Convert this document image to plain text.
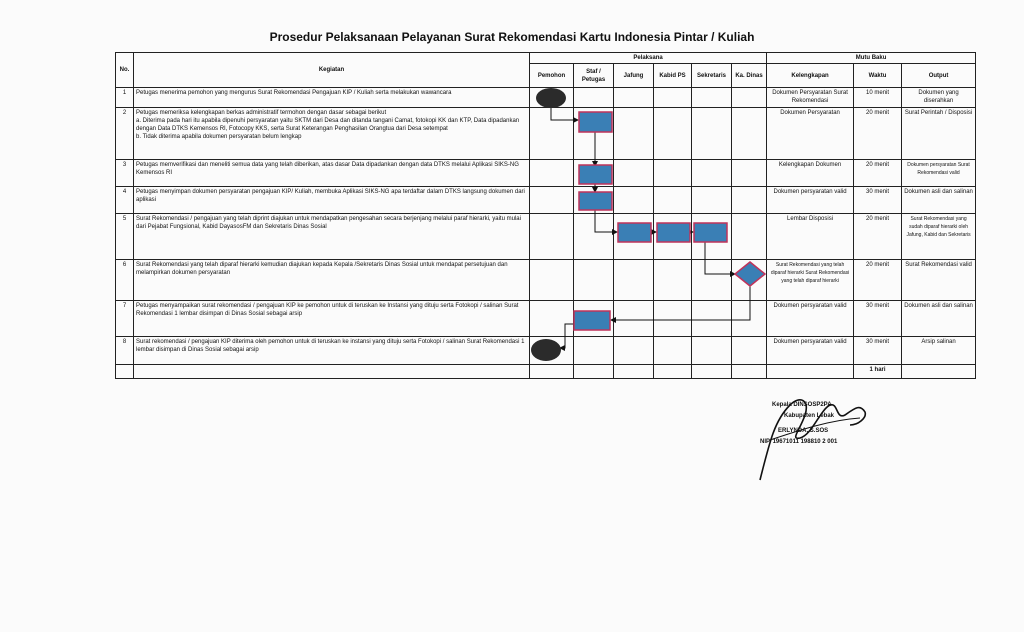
Prosedur Pelaksanaan Pelayanan Surat Rekomendasi Kartu Indonesia Pintar / Kuliah
No.	Kegiatan	Pelaksana						Mutu Baku		
		Pemohon	Staf / Petugas	Jafung	Kabid PS	Sekretaris	Ka. Dinas	Kelengkapan	Waktu	Output
1	Petugas menerima pemohon yang mengurus Surat Rekomendasi Pengajuan KIP / Kuliah serta melakukan wawancara							Dokumen Persyaratan Surat Rekomendasi	10 menit	Dokumen yang diserahkan
2	Petugas memeriksa kelengkapan berkas administratif termohon dengan dasar sebagai berikut
a. Diterima pada hari itu apabila dipenuhi persyaratan yaitu SKTM dari Desa dan ditanda tangani Camat, fotokopi KK dan KTP, Data dipadankan dengan Data DTKS Kemensos RI, Fotocopy KKS, serta Surat Keterangan Penghasilan Orangtua dari Desa setempat
b. Tidak diterima apabila dokumen persyaratan belum lengkap							Dokumen Persyaratan	20 menit	Surat Perintah / Disposisi
3	Petugas memverifikasi dan meneliti semua data yang telah diberikan, atas dasar Data dipadankan dengan data DTKS melalui Aplikasi SIKS-NG Kemensos RI							Kelengkapan Dokumen	20 menit	Dokumen persyaratan Surat Rekomendasi valid
4	Petugas menyimpan dokumen persyaratan pengajuan KIP/ Kuliah, membuka Aplikasi SIKS-NG apa terdaftar dalam DTKS langsung dokumen dari aplikasi							Dokumen persyaratan valid	30 menit	Dokumen asli dan salinan
5	Surat Rekomendasi / pengajuan yang telah diprint diajukan untuk mendapatkan pengesahan secara berjenjang melalui paraf hierarki, yaitu mulai dari Pejabat Fungsional, Kabid DayasosFM dan Sekretaris Dinas Sosial							Lembar Disposisi	20 menit	Surat Rekomendasi yang sudah diparaf hierarki oleh Jafung, Kabid dan Sekretaris
6	Surat Rekomendasi yang telah diparaf hierarki kemudian diajukan kepada Kepala /Sekretaris Dinas Sosial untuk mendapat persetujuan dan melampirkan dokumen persyaratan							Surat Rekomendasi yang telah diparaf hierarki Surat Rekomendasi yang telah diparaf hierarki	20 menit	Surat Rekomendasi valid
7	Petugas menyampaikan surat rekomendasi / pengajuan KIP ke pemohon untuk di teruskan ke Instansi yang dituju serta Fotokopi / salinan Surat Rekomendasi 1 lembar disimpan di Dinas Sosial sebagai arsip							Dokumen persyaratan valid	30 menit	Dokumen asli dan salinan
8	Surat rekomendasi / pengajuan KIP diterima oleh pemohon untuk di teruskan ke instansi yang dituju serta Fotokopi / salinan Surat Rekomendasi 1 lembar disimpan di Dinas Sosial sebagai arsip							Dokumen persyaratan valid	30 menit	Arsip salinan
									1 hari	
Kepala DINSOSP2PA
Kabupaten Lebak
ERLYNDA, S.SOS
NIP. 19671011 198810 2 001
